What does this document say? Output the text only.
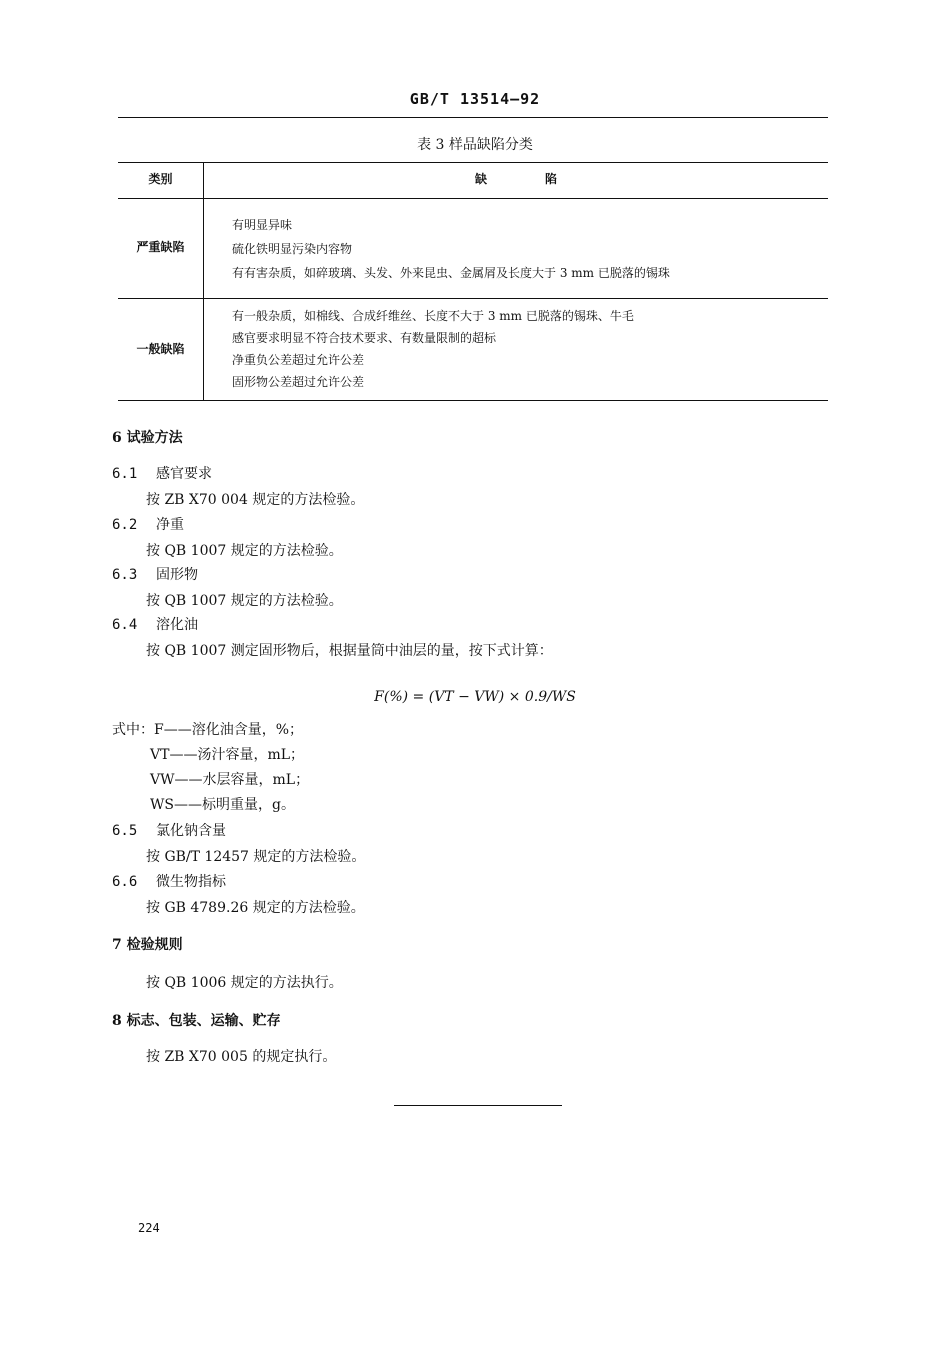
GB/T 13514—92
表 3 样品缺陷分类
类别	缺陷
严重缺陷
有明显异味
硫化铁明显污染内容物
有有害杂质，如碎玻璃、头发、外来昆虫、金属屑及长度大于 3 mm 已脱落的锡珠
一般缺陷
有一般杂质，如棉线、合成纤维丝、长度不大于 3 mm 已脱落的锡珠、牛毛
感官要求明显不符合技术要求、有数量限制的超标
净重负公差超过允许公差
固形物公差超过允许公差
6 试验方法
6.1 感官要求
按 ZB X70 004 规定的方法检验。
6.2 净重
按 QB 1007 规定的方法检验。
6.3 固形物
按 QB 1007 规定的方法检验。
6.4 溶化油
按 QB 1007 测定固形物后，根据量筒中油层的量，按下式计算：
F(%) = (VT − VW) × 0.9/WS
式中：F——溶化油含量，%；
VT——汤汁容量，mL；
VW——水层容量，mL；
WS——标明重量，g。
6.5 氯化钠含量
按 GB/T 12457 规定的方法检验。
6.6 微生物指标
按 GB 4789.26 规定的方法检验。
7 检验规则
按 QB 1006 规定的方法执行。
8 标志、包装、运输、贮存
按 ZB X70 005 的规定执行。
224
